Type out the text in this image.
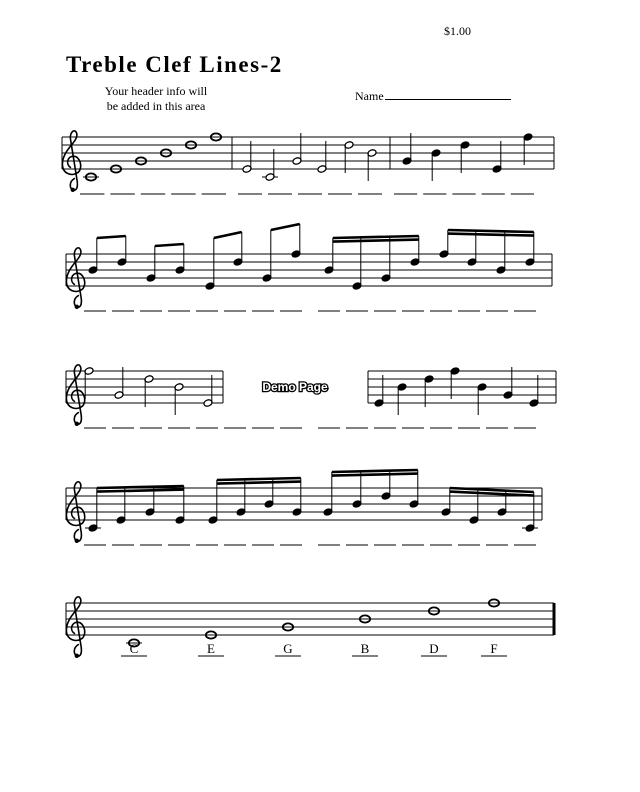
$1.00
Treble Clef Lines-2
Your header info will
be added in this area
Name
Demo Page
C	E	G	B	D	F
